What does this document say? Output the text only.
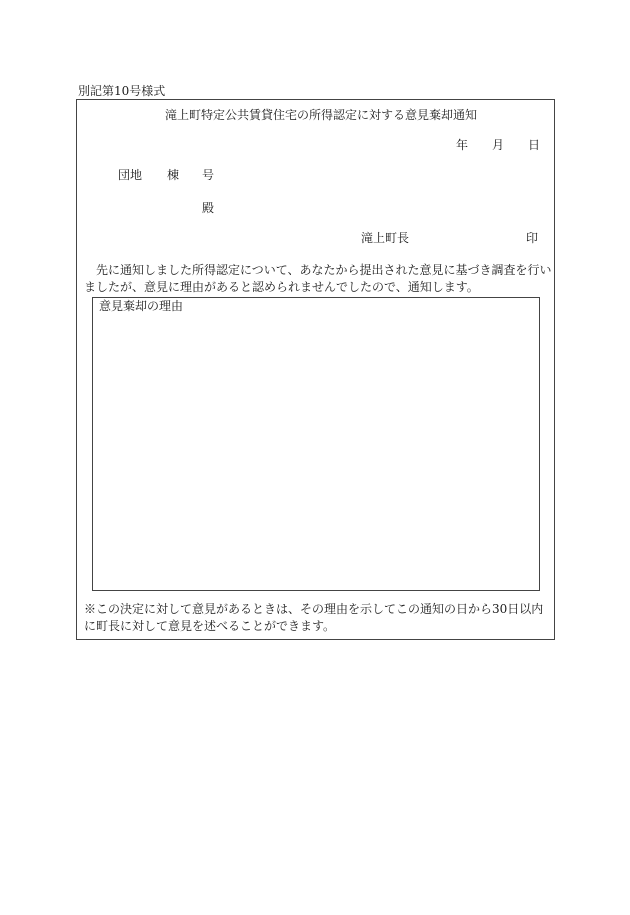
別記第10号様式
滝上町特定公共賃貸住宅の所得認定に対する意見棄却通知
年 月 日
団地 棟 号
殿
滝上町長	印
先に通知しました所得認定について、あなたから提出された意見に基づき調査を行いましたが、意見に理由があると認められませんでしたので、通知します。
意見棄却の理由
※この決定に対して意見があるときは、その理由を示してこの通知の日から30日以内に町長に対して意見を述べることができます。
